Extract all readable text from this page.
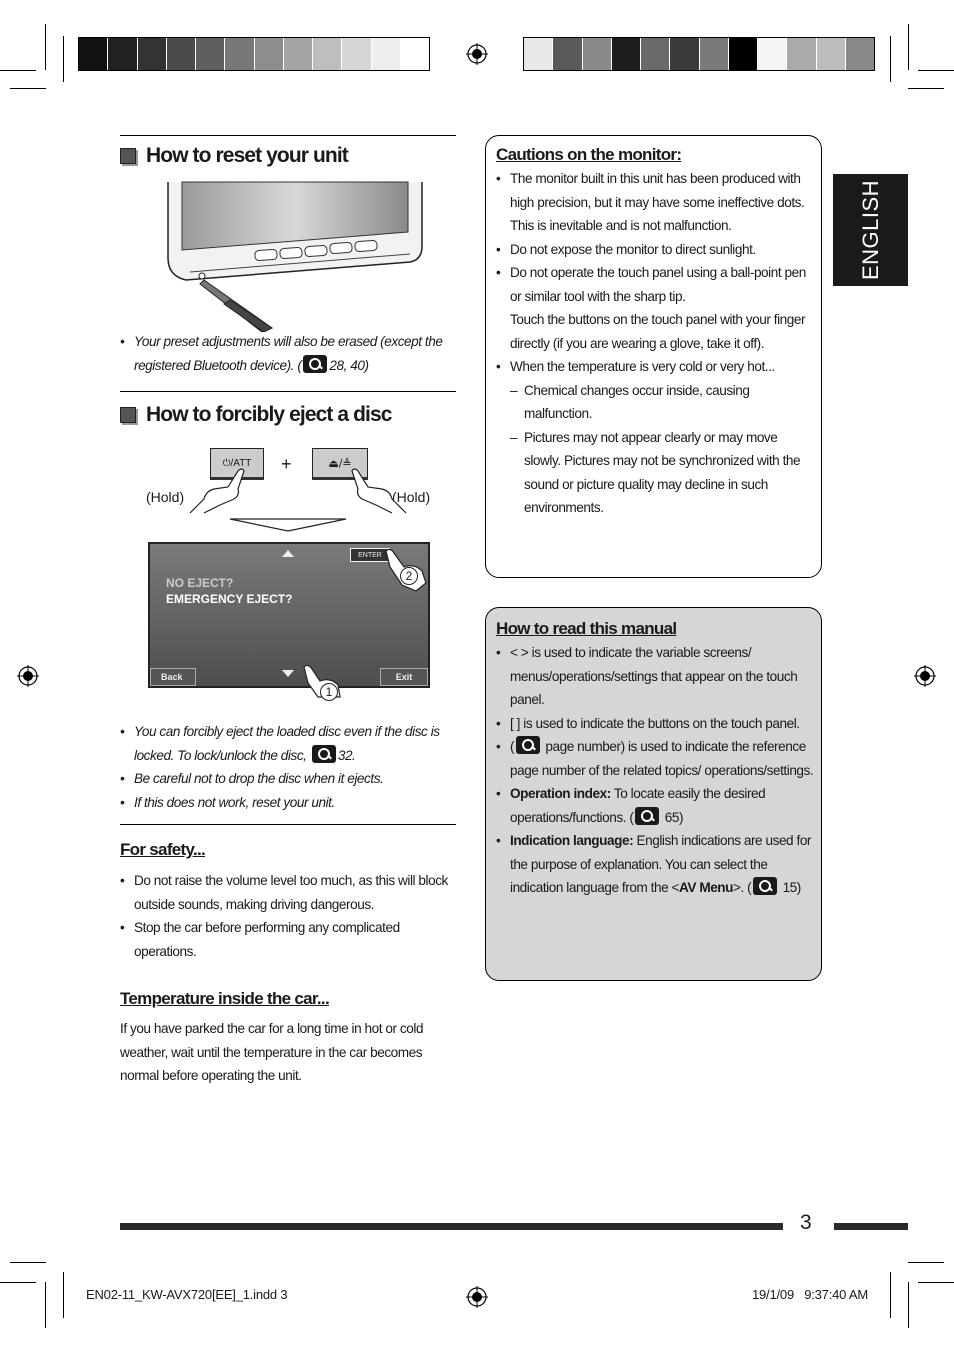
How to reset your unit
• Your preset adjustments will also be erased (except the registered Bluetooth device). ( 28, 40)
How to forcibly eject a disc
⏻/ATT	+	⏏/≜
(Hold)	(Hold)
ENTER
NO EJECT?
EMERGENCY EJECT?
Back	Exit
2
1
• You can forcibly eject the loaded disc even if the disc is locked. To lock/unlock the disc, 32.
• Be careful not to drop the disc when it ejects.
• If this does not work, reset your unit.
For safety...
• Do not raise the volume level too much, as this will block outside sounds, making driving dangerous.
• Stop the car before performing any complicated operations.
Temperature inside the car...
If you have parked the car for a long time in hot or cold weather, wait until the temperature in the car becomes normal before operating the unit.
Cautions on the monitor:
• The monitor built in this unit has been produced with high precision, but it may have some ineffective dots. This is inevitable and is not malfunction.
• Do not expose the monitor to direct sunlight.
• Do not operate the touch panel using a ball-point pen or similar tool with the sharp tip.
Touch the buttons on the touch panel with your finger directly (if you are wearing a glove, take it off).
• When the temperature is very cold or very hot...
– Chemical changes occur inside, causing malfunction.
– Pictures may not appear clearly or may move slowly. Pictures may not be synchronized with the sound or picture quality may decline in such environments.
How to read this manual
• < > is used to indicate the variable screens/ menus/operations/settings that appear on the touch panel.
• [ ] is used to indicate the buttons on the touch panel.
• ( page number) is used to indicate the reference page number of the related topics/ operations/settings.
• Operation index: To locate easily the desired operations/functions. ( 65)
• Indication language: English indications are used for the purpose of explanation. You can select the indication language from the <AV Menu>. ( 15)
ENGLISH
3
EN02-11_KW-AVX720[EE]_1.indd 3	19/1/09   9:37:40 AM
